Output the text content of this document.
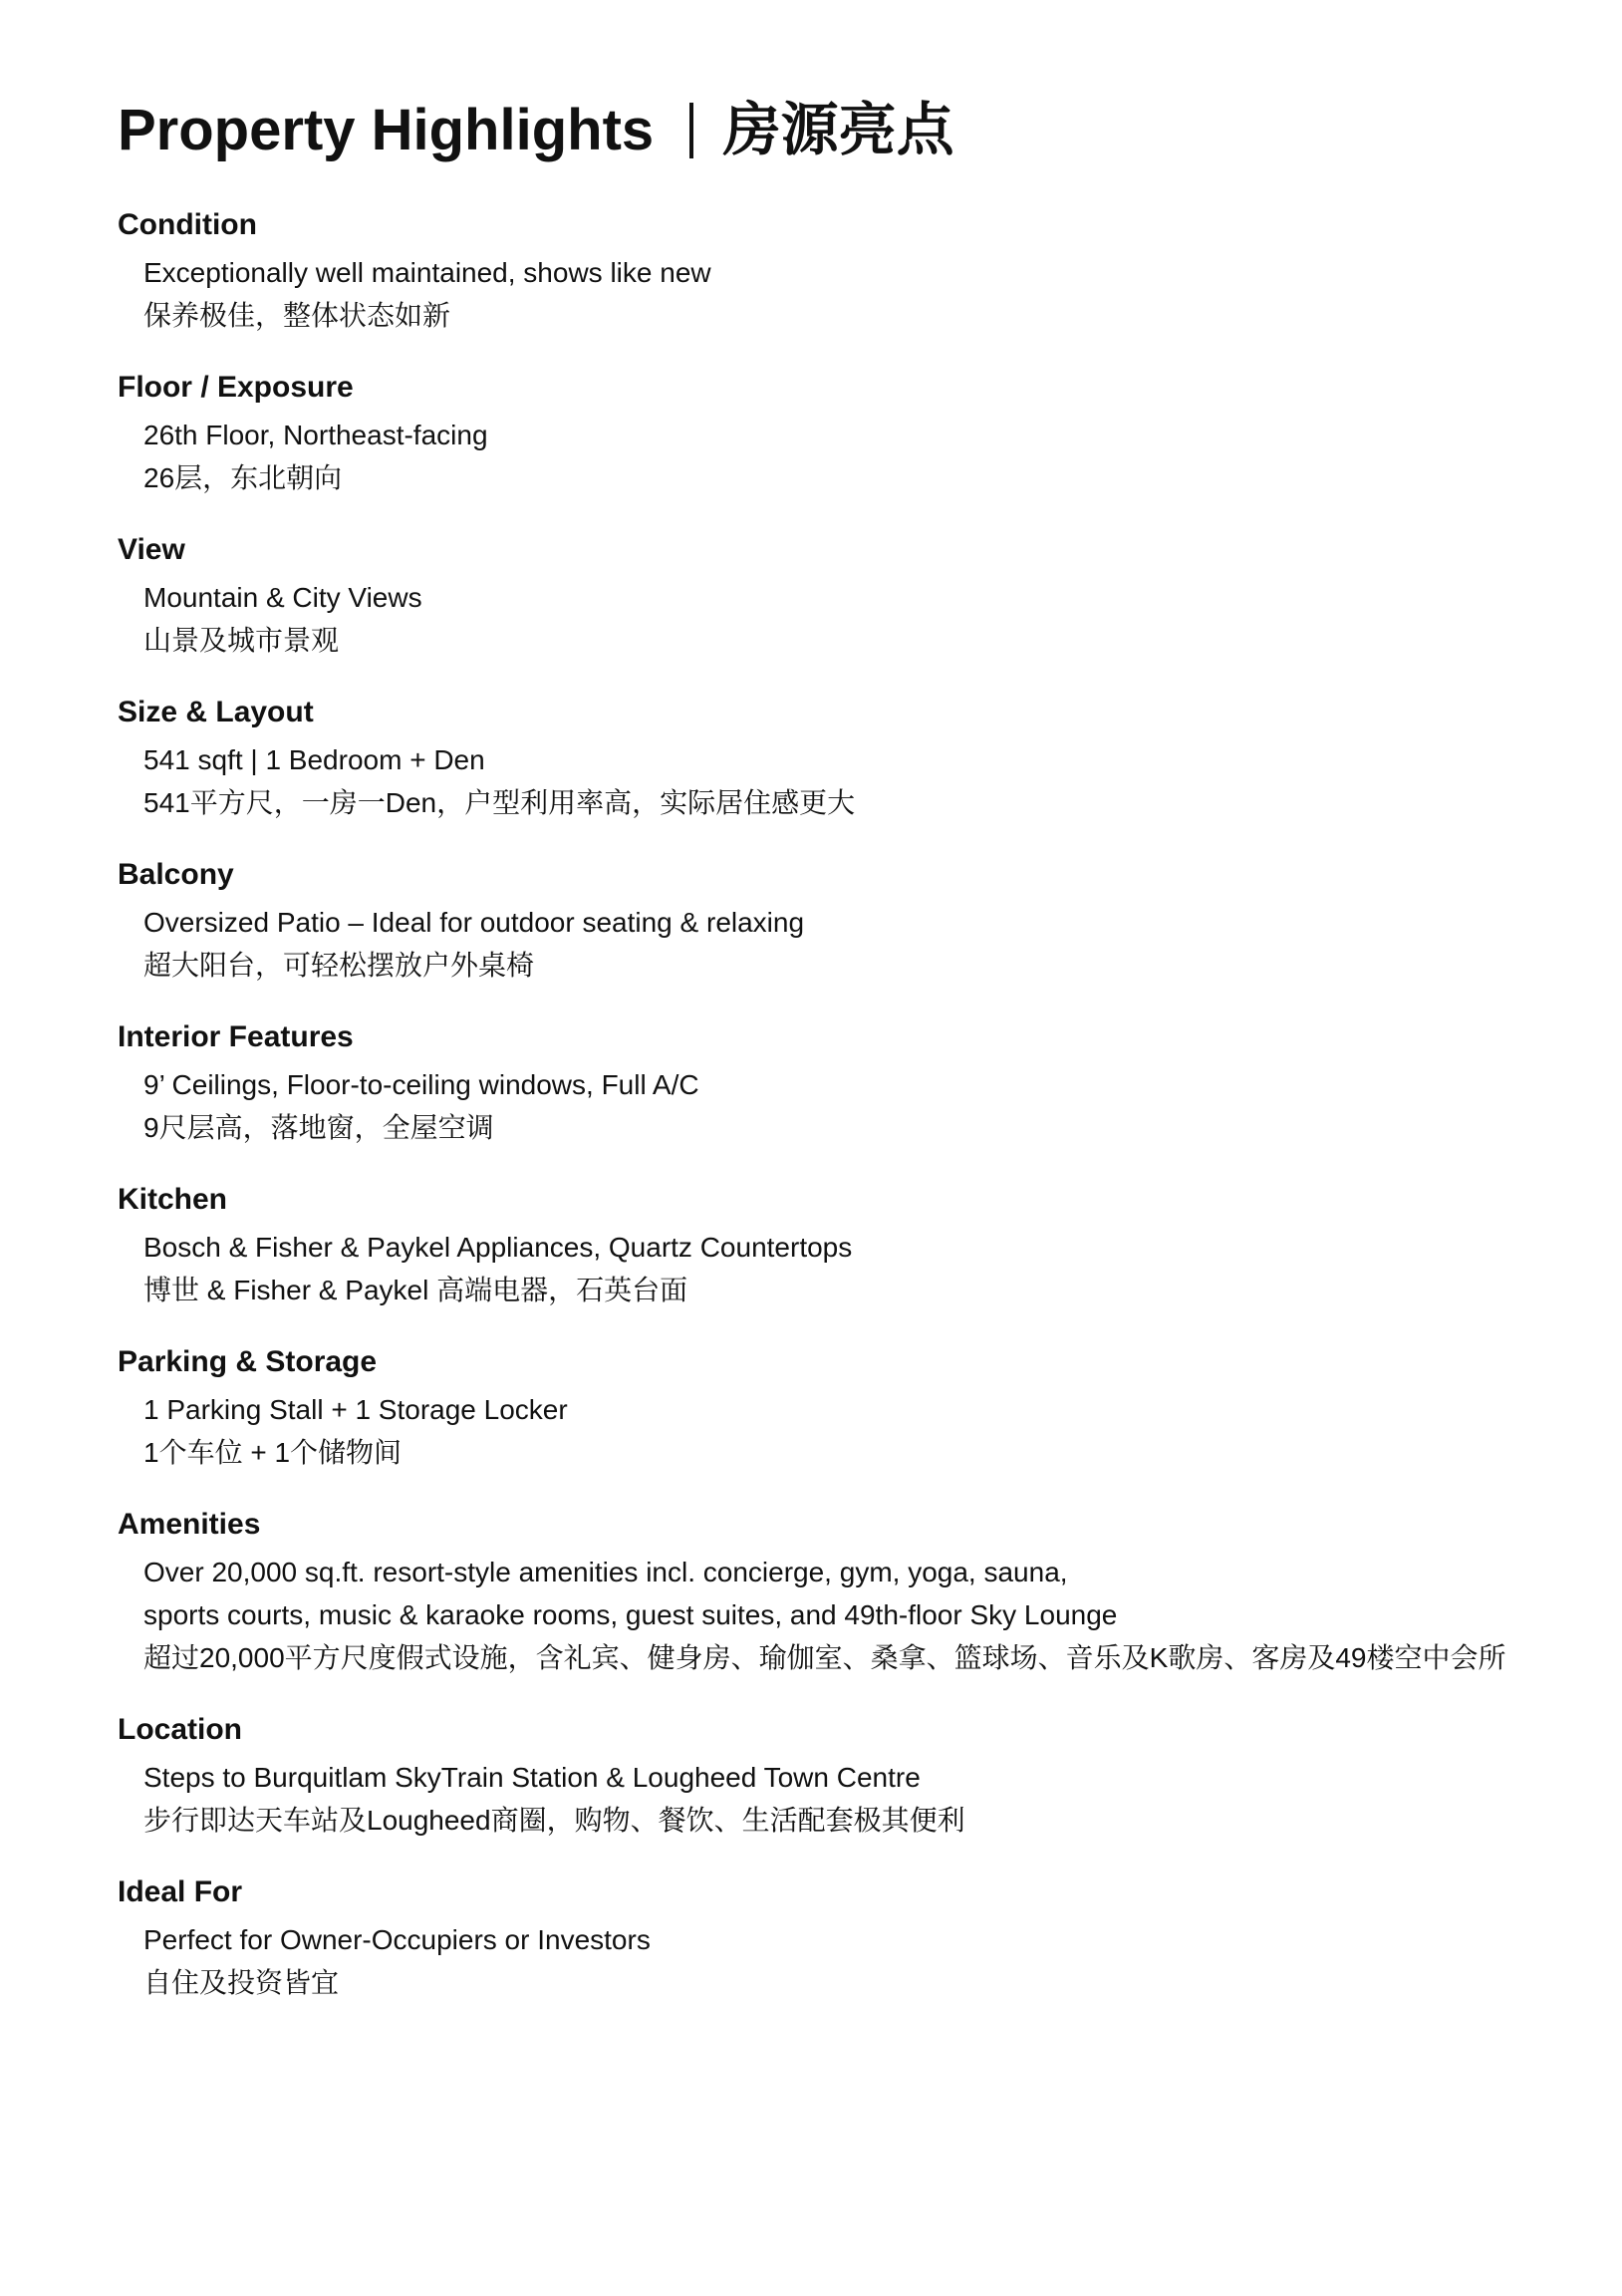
Property Highlights 房源亮点
Condition

Exceptionally well maintained, shows like new

保养极佳，整体状态如新

Floor / Exposure

26th Floor, Northeast-facing

26层，东北朝向

View

Mountain & City Views

山景及城市景观

Size & Layout

541 sqft | 1 Bedroom + Den

541平方尺，一房一Den，户型利用率高，实际居住感更大

Balcony

Oversized Patio – Ideal for outdoor seating & relaxing

超大阳台，可轻松摆放户外桌椅

Interior Features

9’ Ceilings, Floor-to-ceiling windows, Full A/C

9尺层高，落地窗，全屋空调

Kitchen

Bosch & Fisher & Paykel Appliances, Quartz Countertops

博世 & Fisher & Paykel 高端电器，石英台面

Parking & Storage

1 Parking Stall + 1 Storage Locker

1个车位 + 1个储物间

Amenities

Over 20,000 sq.ft. resort-style amenities incl. concierge, gym, yoga, sauna,

sports courts, music & karaoke rooms, guest suites, and 49th-floor Sky Lounge

超过20,000平方尺度假式设施，含礼宾、健身房、瑜伽室、桑拿、篮球场、音乐及K歌房、客房及49楼空中会所

Location

Steps to Burquitlam SkyTrain Station & Lougheed Town Centre

步行即达天车站及Lougheed商圈，购物、餐饮、生活配套极其便利

Ideal For

Perfect for Owner-Occupiers or Investors

自住及投资皆宜
